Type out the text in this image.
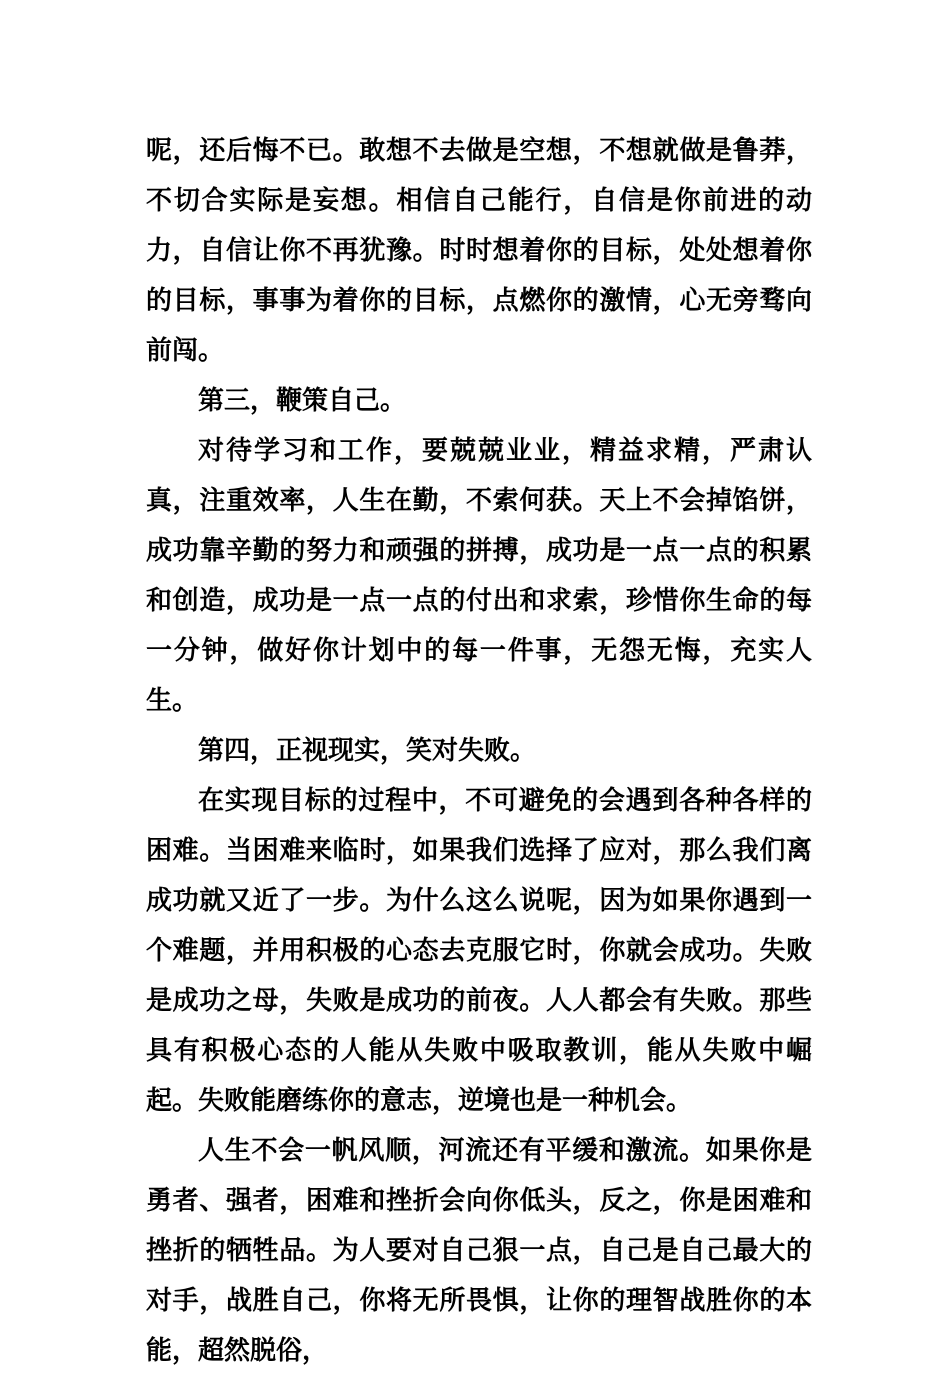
呢，还后悔不已。敢想不去做是空想，不想就做是鲁莽，不切合实际是妄想。相信自己能行，自信是你前进的动力，自信让你不再犹豫。时时想着你的目标，处处想着你的目标，事事为着你的目标，点燃你的激情，心无旁骛向前闯。

第三，鞭策自己。

对待学习和工作，要兢兢业业，精益求精，严肃认真，注重效率，人生在勤，不索何获。天上不会掉馅饼，成功靠辛勤的努力和顽强的拼搏，成功是一点一点的积累和创造，成功是一点一点的付出和求索，珍惜你生命的每一分钟，做好你计划中的每一件事，无怨无悔，充实人生。

第四，正视现实，笑对失败。

在实现目标的过程中，不可避免的会遇到各种各样的困难。当困难来临时，如果我们选择了应对，那么我们离成功就又近了一步。为什么这么说呢，因为如果你遇到一个难题，并用积极的心态去克服它时，你就会成功。失败是成功之母，失败是成功的前夜。人人都会有失败。那些具有积极心态的人能从失败中吸取教训，能从失败中崛起。失败能磨练你的意志，逆境也是一种机会。

人生不会一帆风顺，河流还有平缓和激流。如果你是勇者、强者，困难和挫折会向你低头，反之，你是困难和挫折的牺牲品。为人要对自己狠一点，自己是自己最大的对手，战胜自己，你将无所畏惧，让你的理智战胜你的本能，超然脱俗，
